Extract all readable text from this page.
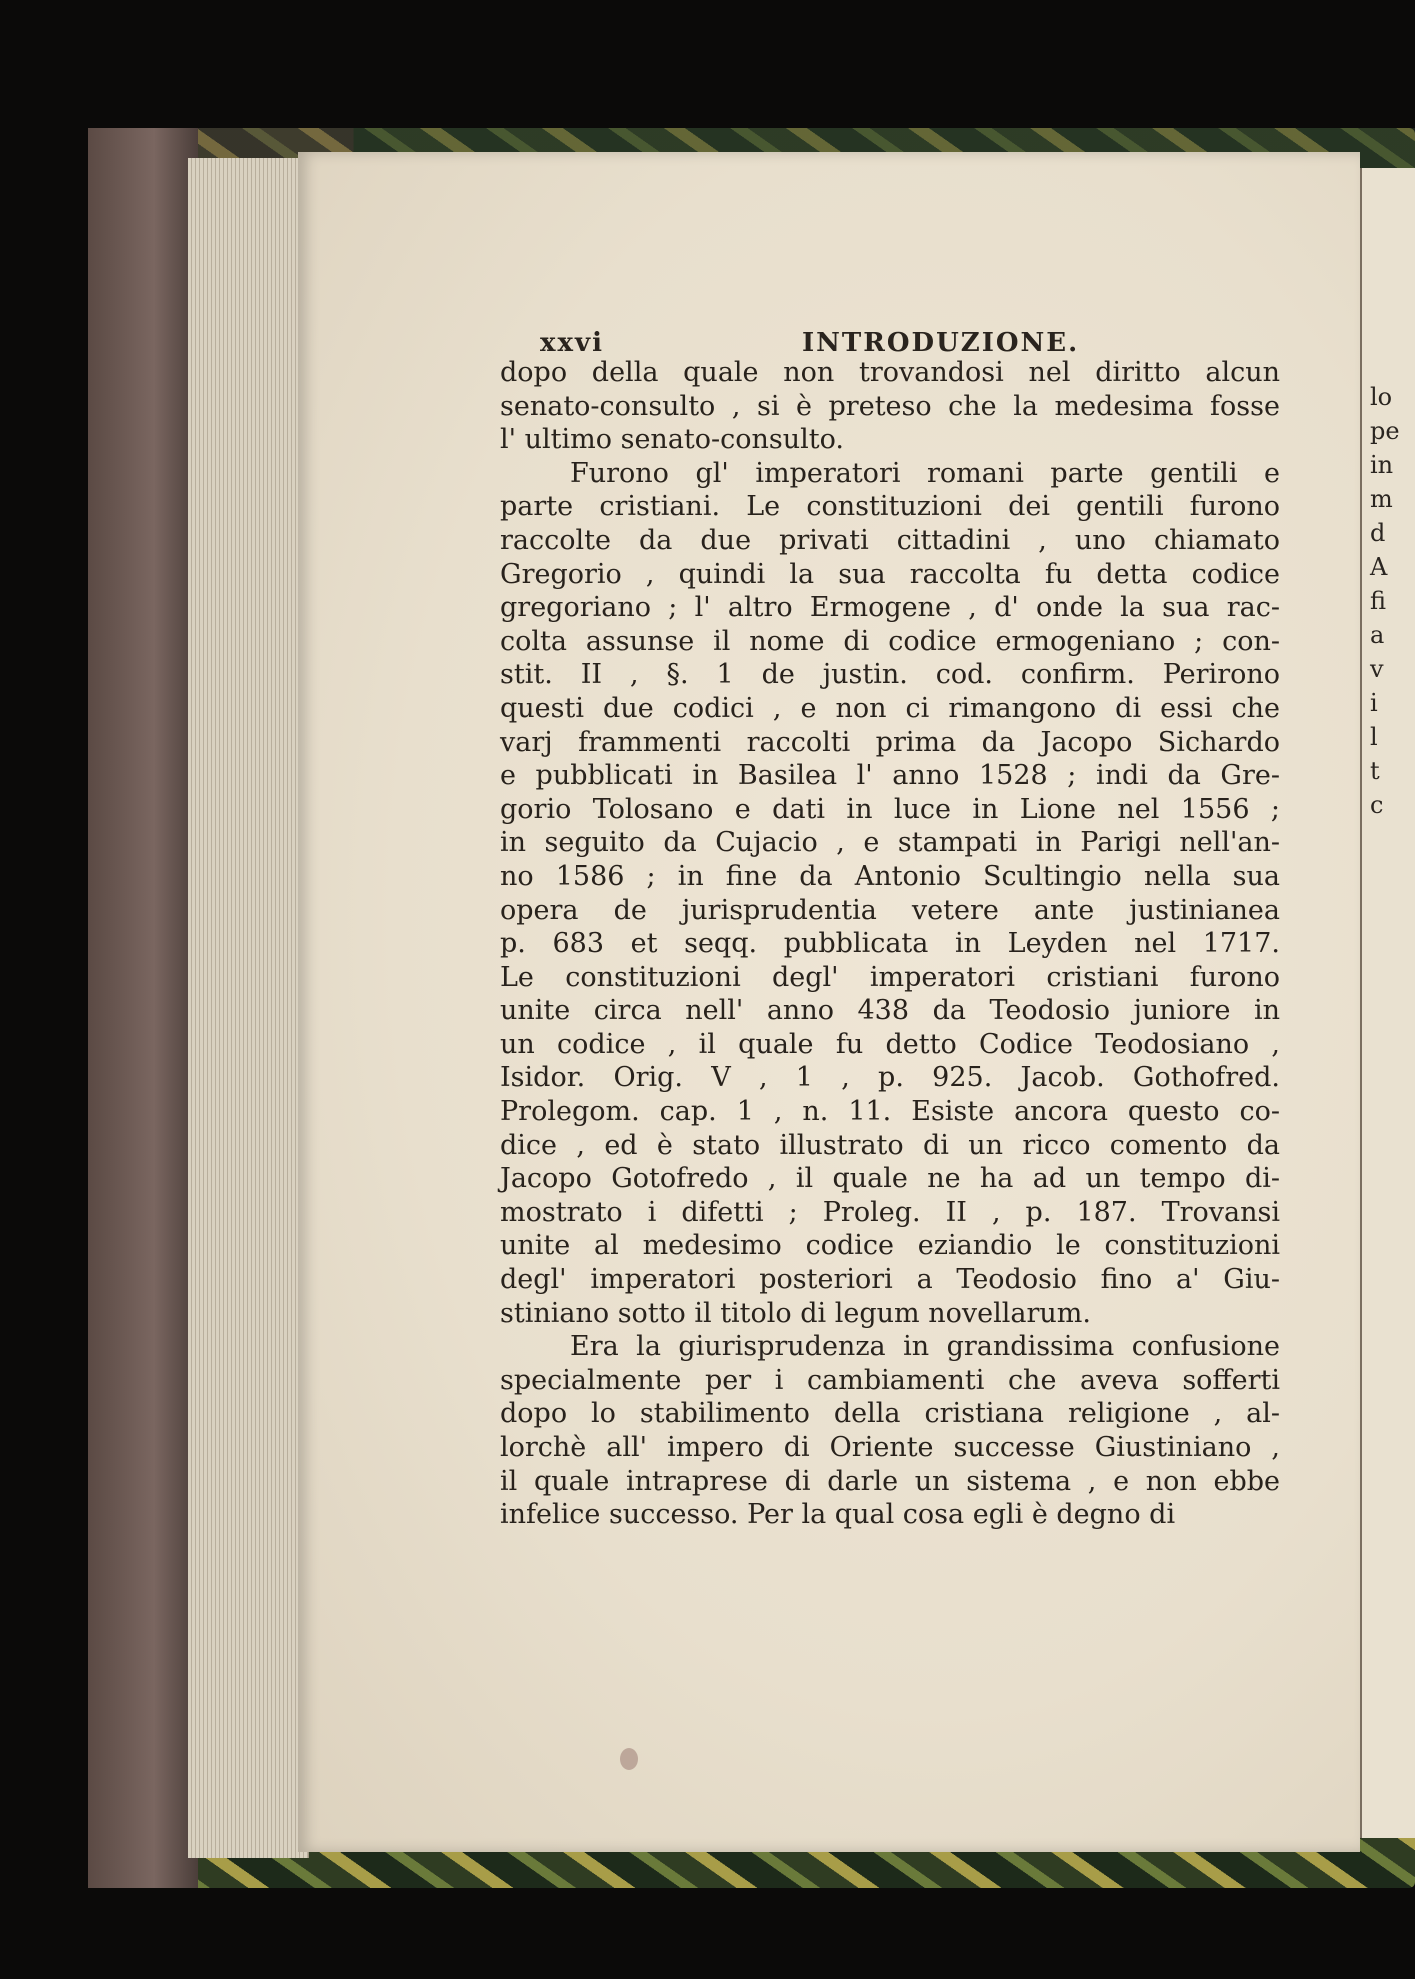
lo
pe
in
m
d
A
fi
a
v
i
l
t
c
xxvi	INTRODUZIONE.
dopo della quale non trovandosi nel diritto alcun
senato-consulto , si è preteso che la medesima fosse
l' ultimo senato-consulto.
Furono gl' imperatori romani parte gentili e
parte cristiani. Le constituzioni dei gentili furono
raccolte da due privati cittadini , uno chiamato
Gregorio , quindi la sua raccolta fu detta codice
gregoriano ; l' altro Ermogene , d' onde la sua rac-
colta assunse il nome di codice ermogeniano ; con-
stit. II , §. 1 de justin. cod. confirm. Perirono
questi due codici , e non ci rimangono di essi che
varj frammenti raccolti prima da Jacopo Sichardo
e pubblicati in Basilea l' anno 1528 ; indi da Gre-
gorio Tolosano e dati in luce in Lione nel 1556 ;
in seguito da Cujacio , e stampati in Parigi nell'an-
no 1586 ; in fine da Antonio Scultingio nella sua
opera de jurisprudentia vetere ante justinianea
p. 683 et seqq. pubblicata in Leyden nel 1717.
Le constituzioni degl' imperatori cristiani furono
unite circa nell' anno 438 da Teodosio juniore in
un codice , il quale fu detto Codice Teodosiano ,
Isidor. Orig. V , 1 , p. 925. Jacob. Gothofred.
Prolegom. cap. 1 , n. 11. Esiste ancora questo co-
dice , ed è stato illustrato di un ricco comento da
Jacopo Gotofredo , il quale ne ha ad un tempo di-
mostrato i difetti ; Proleg. II , p. 187. Trovansi
unite al medesimo codice eziandio le constituzioni
degl' imperatori posteriori a Teodosio fino a' Giu-
stiniano sotto il titolo di legum novellarum.
Era la giurisprudenza in grandissima confusione
specialmente per i cambiamenti che aveva sofferti
dopo lo stabilimento della cristiana religione , al-
lorchè all' impero di Oriente successe Giustiniano ,
il quale intraprese di darle un sistema , e non ebbe
infelice successo. Per la qual cosa egli è degno di
